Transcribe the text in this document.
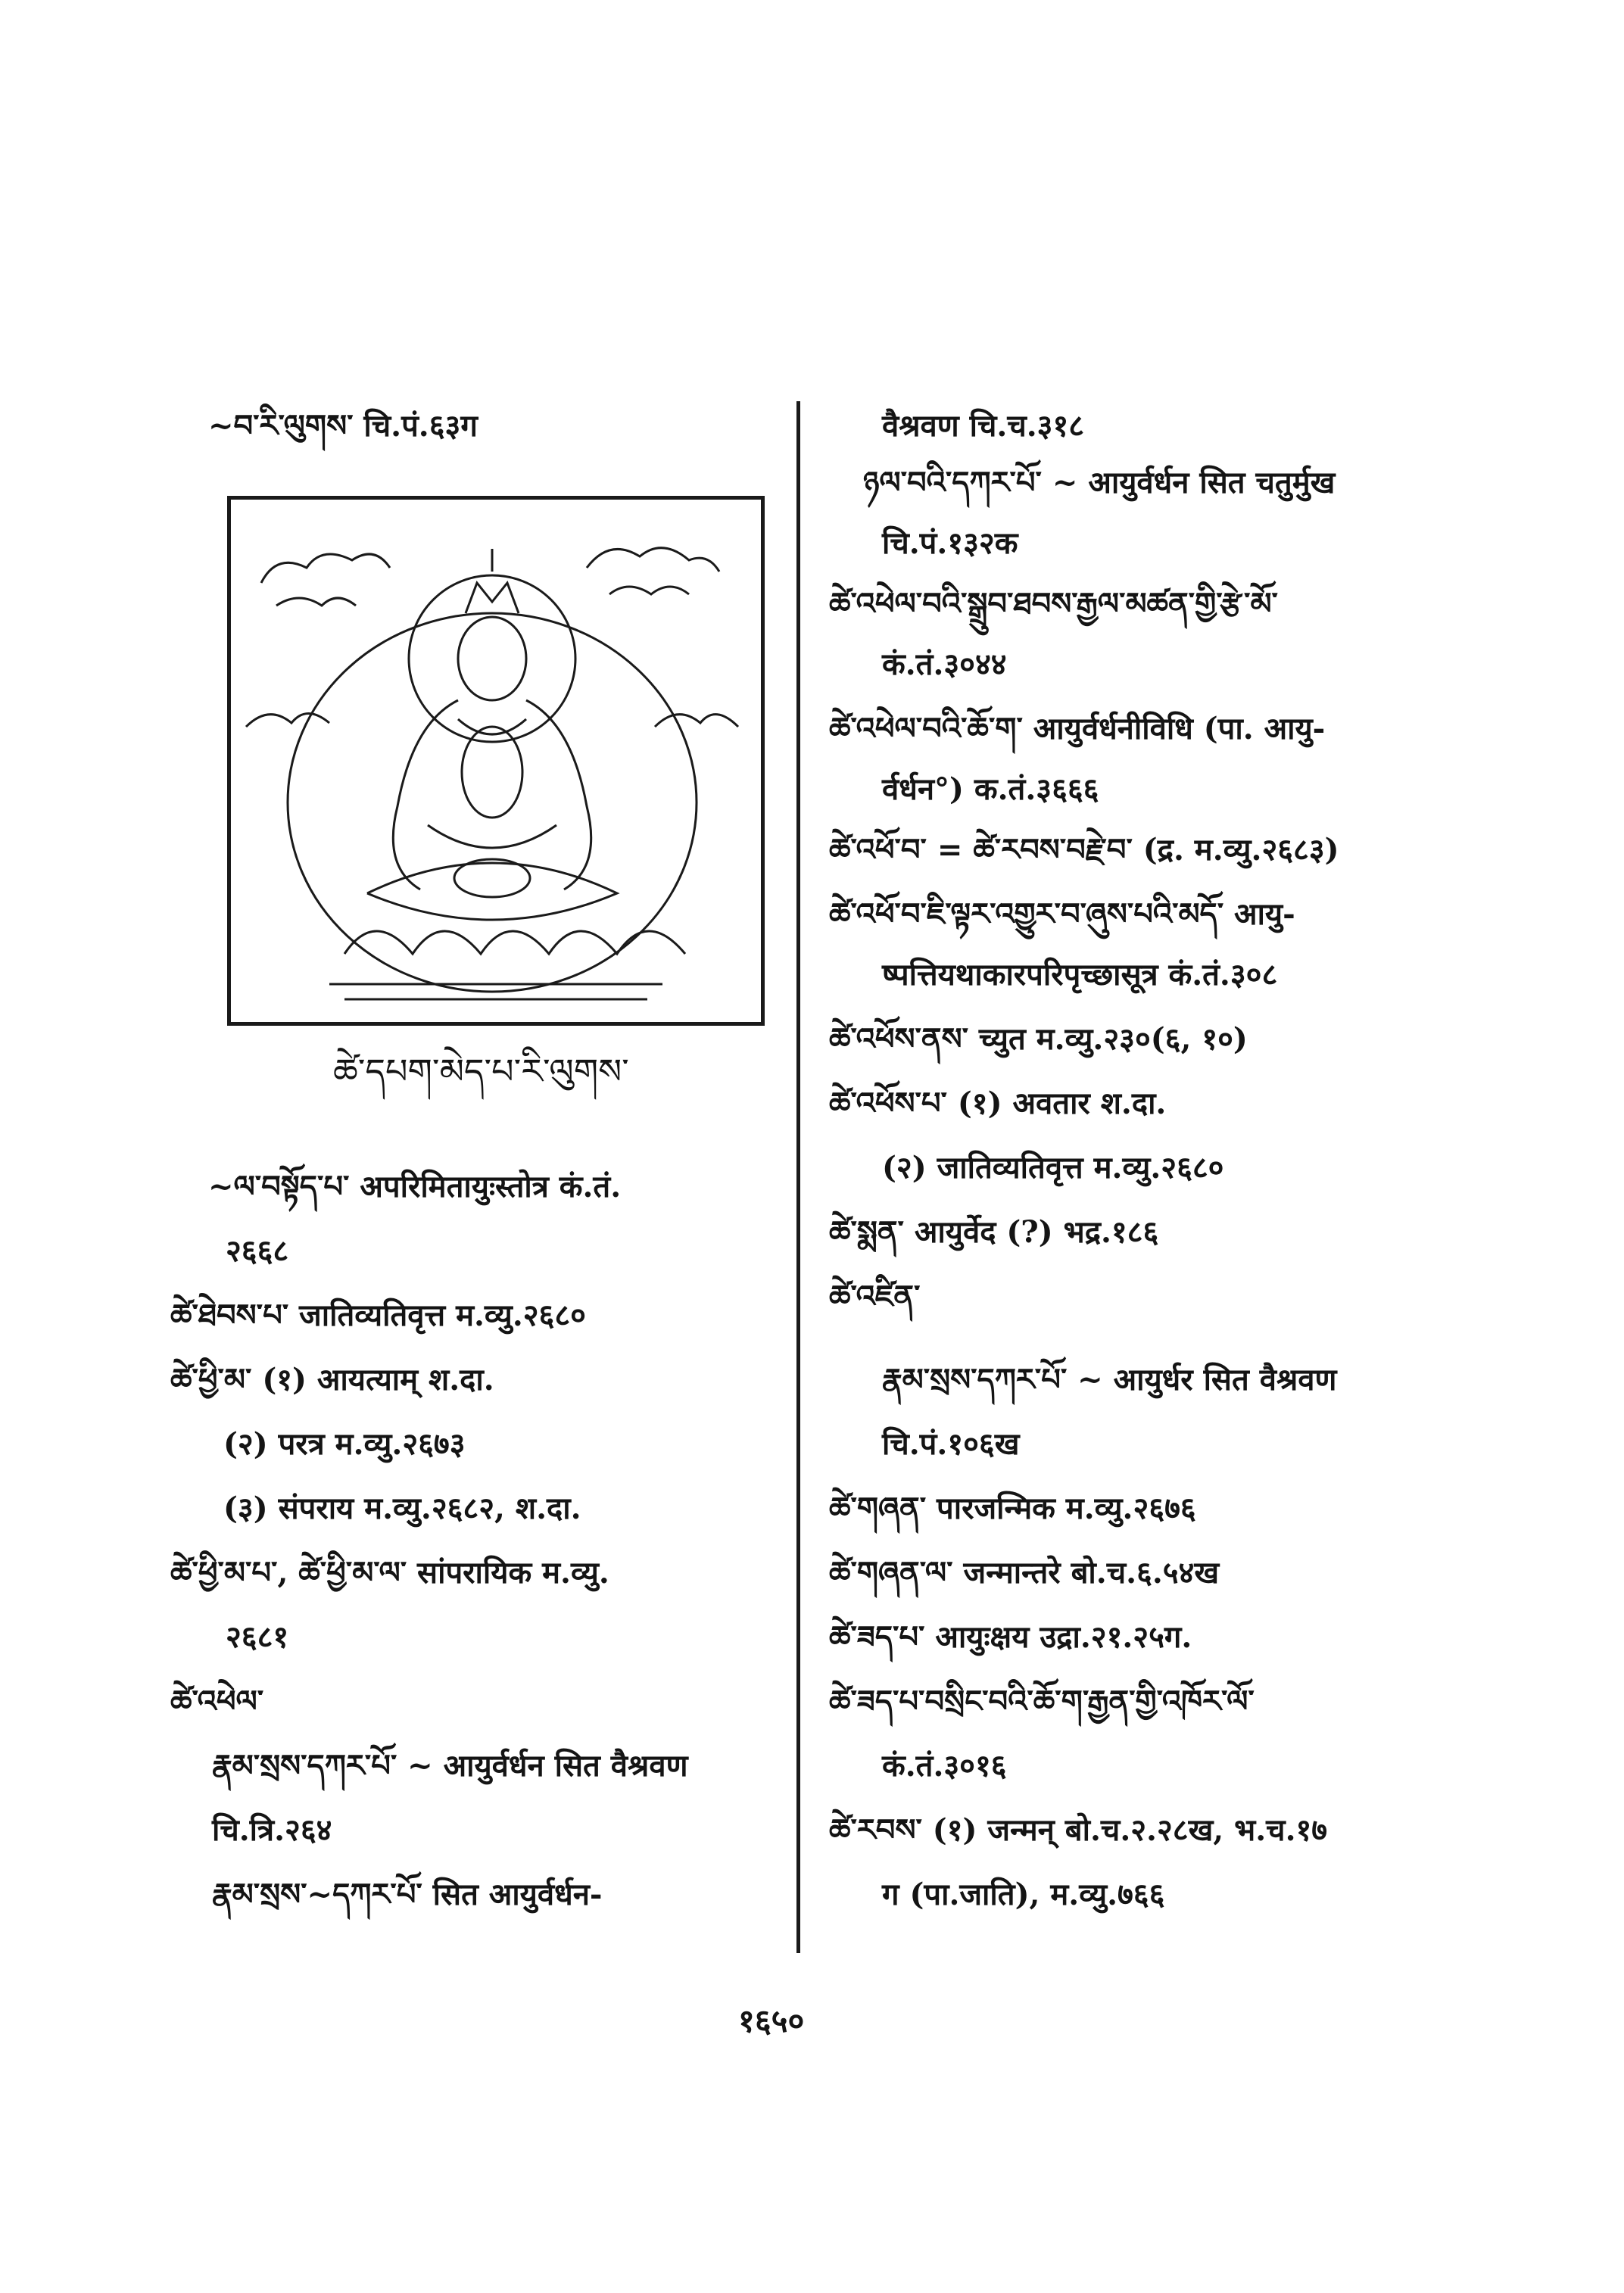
~བ་རི་ལུགས་ चि.पं.६३ग
ཚེ་དཔག་མེད་པ་རི་ལུགས་
~ལ་བསྟོད་པ་ अपरिमितायुःस्तोत्र कं.तं.
२६६८
ཚེ་ཐེབས་པ་ जातिव्यतिवृत्त म.व्यु.२६८०
ཚེ་ཕྱི་མ་ (१) आयत्याम् श.दा.
(२) परत्र म.व्यु.२६७३
(३) संपराय म.व्यु.२६८२, श.दा.
ཚེ་ཕྱི་མ་པ་, ཚེ་ཕྱི་མ་ལ་ सांपरायिक म.व्यु.
२६८१
ཚེ་འཕེལ་
རྣམ་སྲས་དཀར་པོ་ ~ आयुर्वर्धन सित वैश्रवण
चि.त्रि.२६४
རྣམ་སྲས་~དཀར་པོ་ सित आयुर्वर्धन-
वैश्रवण चि.च.३१८
ཉལ་བའི་དཀར་པོ་ ~ आयुर्वर्धन सित चतुर्मुख
चि.पं.१३२क
ཚེ་འཕེལ་བའི་སྒྲུབ་ཐབས་རྒྱལ་མཚན་གྱི་རྩེ་མོ་
कं.तं.३०४४
ཚེ་འཕེལ་བའི་ཆོ་ག་ आयुर्वर्धनीविधि (पा. आयु-
र्वर्धन°) क.तं.३६६६
ཚེ་འཕོ་བ་ = ཚེ་རབས་བརྗེ་བ་ (द्र. म.व्यु.२६८३)
ཚེ་འཕོ་བ་ཇི་ལྟར་འགྱུར་བ་ཞུས་པའི་མདོ་ आयु-
ष्पत्तियथाकारपरिपृच्छासूत्र कं.तं.३०८
ཚེ་འཕོས་ནས་ च्युत म.व्यु.२३०(६, १०)
ཚེ་འཕོས་པ་ (१) अवतार श.दा.
(२) जातिव्यतिवृत्त म.व्यु.२६८०
ཚེ་སྨན་ आयुर्वेद (?) भद्र.१८६
ཚེ་འཛིན་
རྣམ་སྲས་དཀར་པོ་ ~ आयुर्धर सित वैश्रवण
चि.पं.१०६ख
ཚེ་གཞན་ पारजन्मिक म.व्यु.२६७६
ཚེ་གཞན་ལ་ जन्मान्तरे बो.च.६.५४ख
ཚེ་ཟད་པ་ आयुःक्षय उद्रा.२१.२५ग.
ཚེ་ཟད་པ་བསྲིང་བའི་ཆོ་ག་རྒྱན་གྱི་འཁོར་ལོ་
कं.तं.३०१६
ཚེ་རབས་ (१) जन्मन् बो.च.२.२८ख, भ.च.१७
ग (पा.जाति), म.व्यु.७६६
१६५०
